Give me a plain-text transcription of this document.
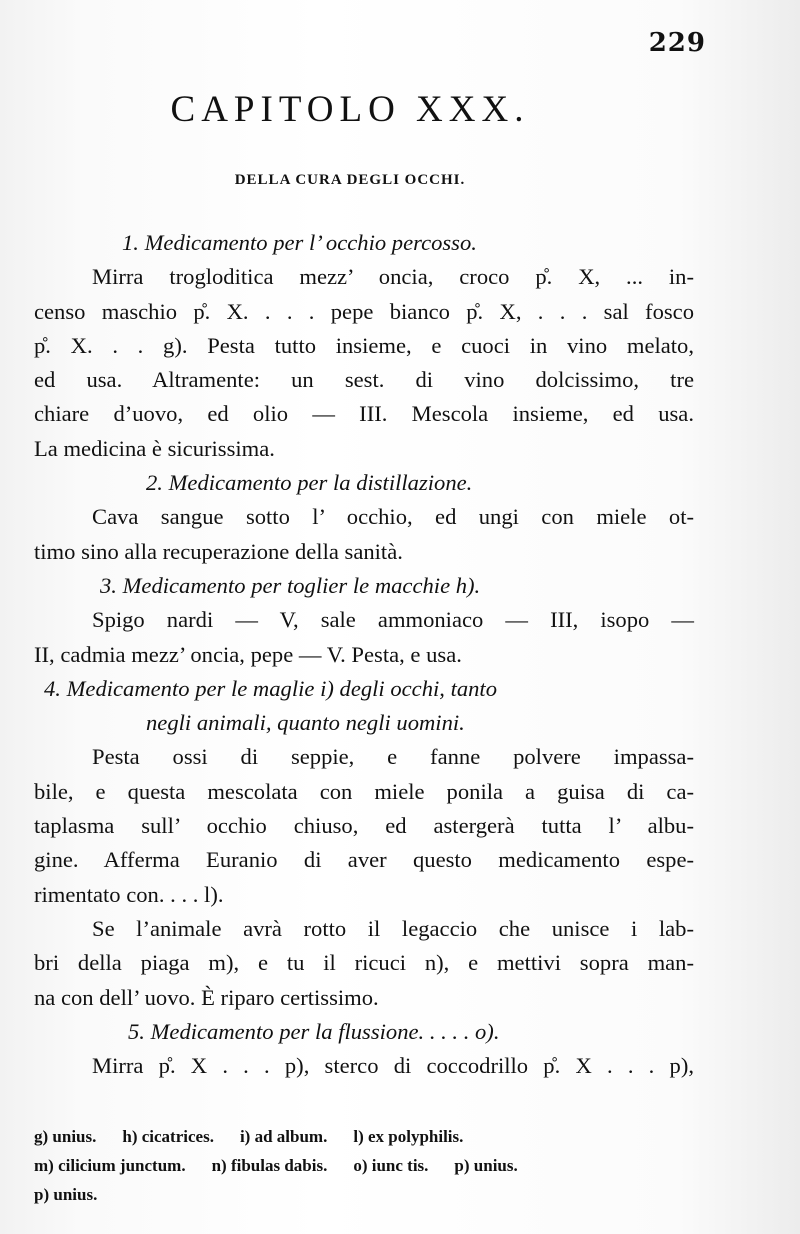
229
CAPITOLO XXX.
DELLA CURA DEGLI OCCHI.
1. Medicamento per l’ occhio percosso.
Mirra trogloditica mezz’ oncia, croco p̊. X, ... in-
censo maschio p̊. X. . . . pepe bianco p̊. X, . . . sal fosco
p̊. X. . . g). Pesta tutto insieme, e cuoci in vino melato,
ed usa. Altramente: un sest. di vino dolcissimo, tre
chiare d’uovo, ed olio — III. Mescola insieme, ed usa.
La medicina è sicurissima.
2. Medicamento per la distillazione.
Cava sangue sotto l’ occhio, ed ungi con miele ot-
timo sino alla recuperazione della sanità.
3. Medicamento per toglier le macchie h).
Spigo nardi — V, sale ammoniaco — III, isopo —
II, cadmia mezz’ oncia, pepe — V. Pesta, e usa.
4. Medicamento per le maglie i) degli occhi, tanto
negli animali, quanto negli uomini.
Pesta ossi di seppie, e fanne polvere impassa-
bile, e questa mescolata con miele ponila a guisa di ca-
taplasma sull’ occhio chiuso, ed astergerà tutta l’ albu-
gine. Afferma Euranio di aver questo medicamento espe-
rimentato con. . . . l).
Se l’animale avrà rotto il legaccio che unisce i lab-
bri della piaga m), e tu il ricuci n), e mettivi sopra man-
na con dell’ uovo. È riparo certissimo.
5. Medicamento per la flussione. . . . . o).
Mirra p̊. X . . . p), sterco di coccodrillo p̊. X . . . p),
g) unius. h) cicatrices. i) ad album. l) ex polyphilis.
m) cilicium junctum. n) fibulas dabis. o) iunc tis. p) unius.
p) unius.
